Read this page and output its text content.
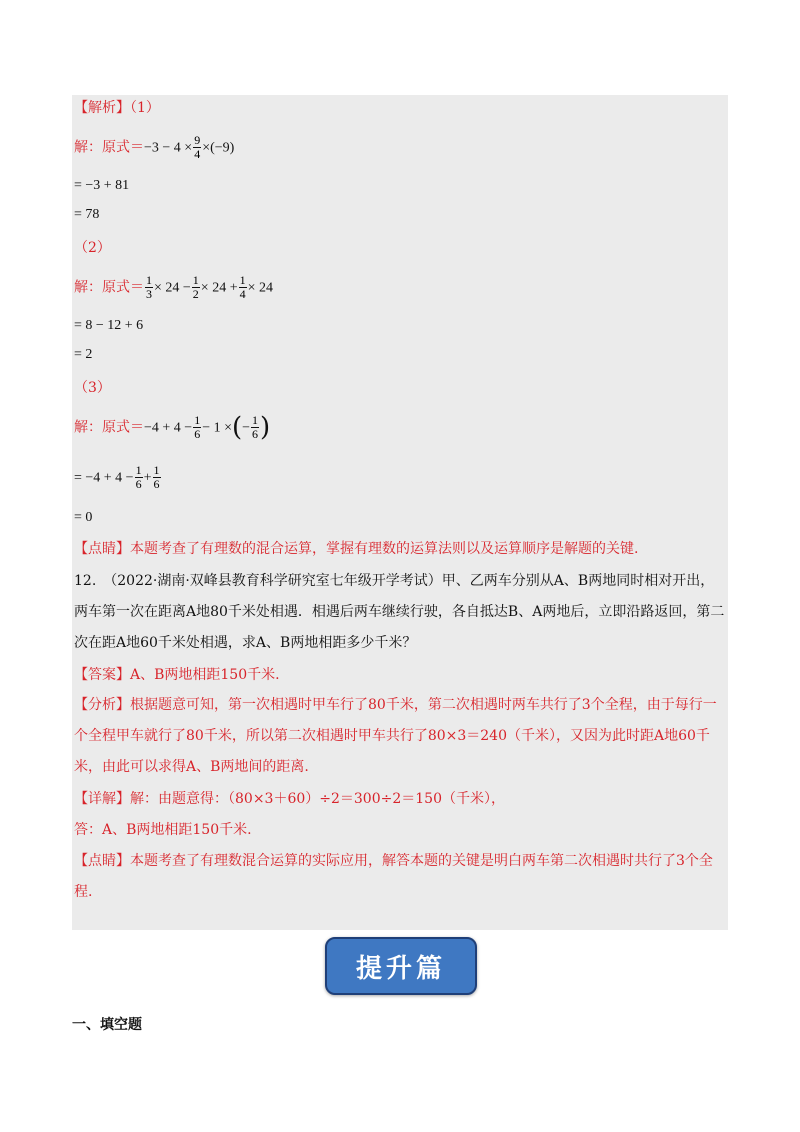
【解析】（1）
解：原式$=-3 - 4 \times \frac{9}{4} \times(-9)$
= −3 + 81
= 78
（2）
解：原式＝ $\frac{1}{3} \times 24 - \frac{1}{2} \times 24 + \frac{1}{4} \times 24$
= 8 − 12 + 6
= 2
（3）
解：原式$=-4 + 4 - \frac{1}{6} - 1$ ×(− $\frac{1}{6}$ )
= $-4 + 4 - \frac{1}{6} + \frac{1}{6}$
= 0
【点睛】本题考查了有理数的混合运算，掌握有理数的运算法则以及运算顺序是解题的关键.
12.　（2022·湖南·双峰县教育科学研究室七年级开学考试）甲、乙两车分别从A、B两地同时相对开出，两车第一次在距离A地80千米处相遇．相遇后两车继续行驶，各自抵达B、A两地后，立即沿路返回，第二次在距A地60千米处相遇，求A、B两地相距多少千米？
【答案】A、B两地相距150千米.
【分析】根据题意可知，第一次相遇时甲车行了80千米，第二次相遇时两车共行了3个全程，由于每行一个全程甲车就行了80千米，所以第二次相遇时甲车共行了80×3＝240（千米），又因为此时距A地60千米，由此可以求得A、B两地间的距离.
【详解】解：由题意得：（80×3＋60）÷2＝300÷2＝150（千米），
答：A、B两地相距150千米.
【点睛】本题考查了有理数混合运算的实际应用，解答本题的关键是明白两车第二次相遇时共行了3个全程.
提升篇
一、填空题
